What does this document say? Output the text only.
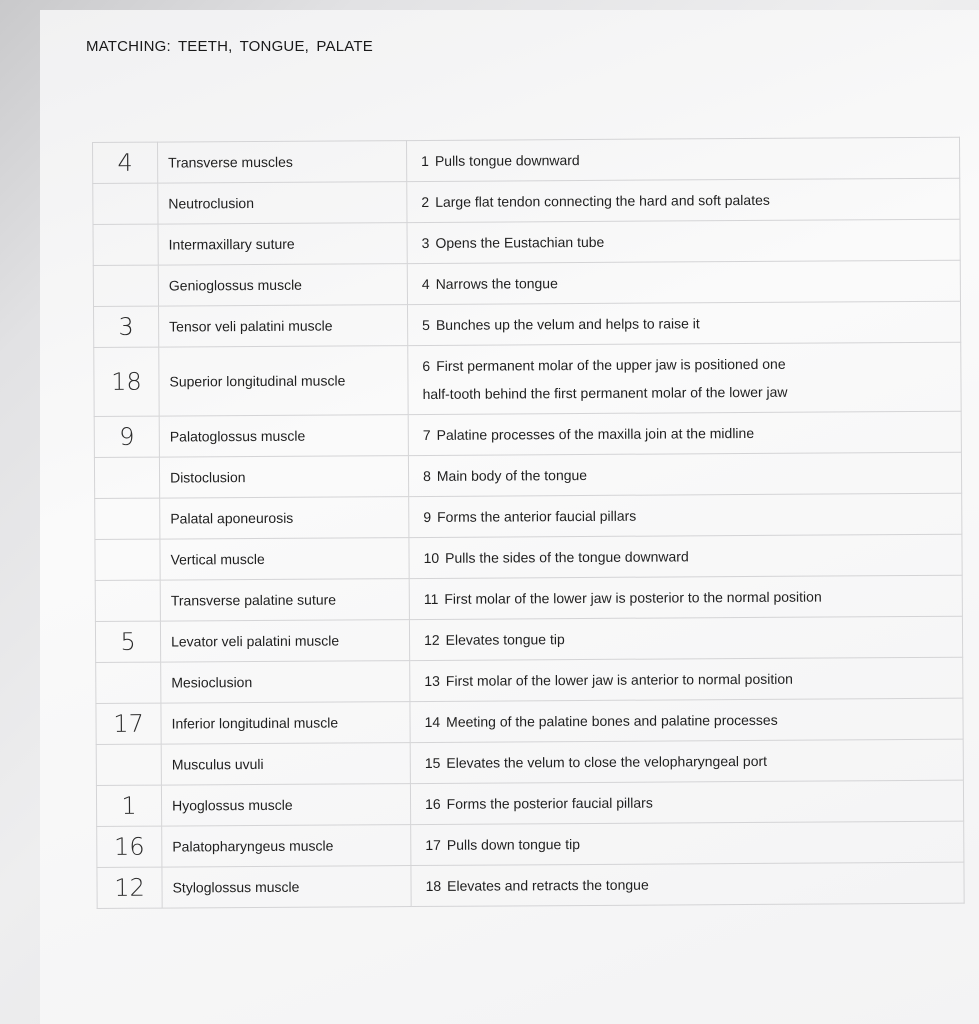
MATCHING: TEETH, TONGUE, PALATE
4	Transverse muscles	1 Pulls tongue downward
	Neutroclusion	2 Large flat tendon connecting the hard and soft palates
	Intermaxillary suture	3 Opens the Eustachian tube
	Genioglossus muscle	4 Narrows the tongue
3	Tensor veli palatini muscle	5 Bunches up the velum and helps to raise it
18	Superior longitudinal muscle	6 First permanent molar of the upper jaw is positioned one
half-tooth behind the first permanent molar of the lower jaw

9	Palatoglossus muscle	7 Palatine processes of the maxilla join at the midline
	Distoclusion	8 Main body of the tongue
	Palatal aponeurosis	9 Forms the anterior faucial pillars
	Vertical muscle	10 Pulls the sides of the tongue downward
	Transverse palatine suture	11 First molar of the lower jaw is posterior to the normal position
5	Levator veli palatini muscle	12 Elevates tongue tip
	Mesioclusion	13 First molar of the lower jaw is anterior to normal position
17	Inferior longitudinal muscle	14 Meeting of the palatine bones and palatine processes
	Musculus uvuli	15 Elevates the velum to close the velopharyngeal port
1	Hyoglossus muscle	16 Forms the posterior faucial pillars
16	Palatopharyngeus muscle	17 Pulls down tongue tip
12	Styloglossus muscle	18 Elevates and retracts the tongue
